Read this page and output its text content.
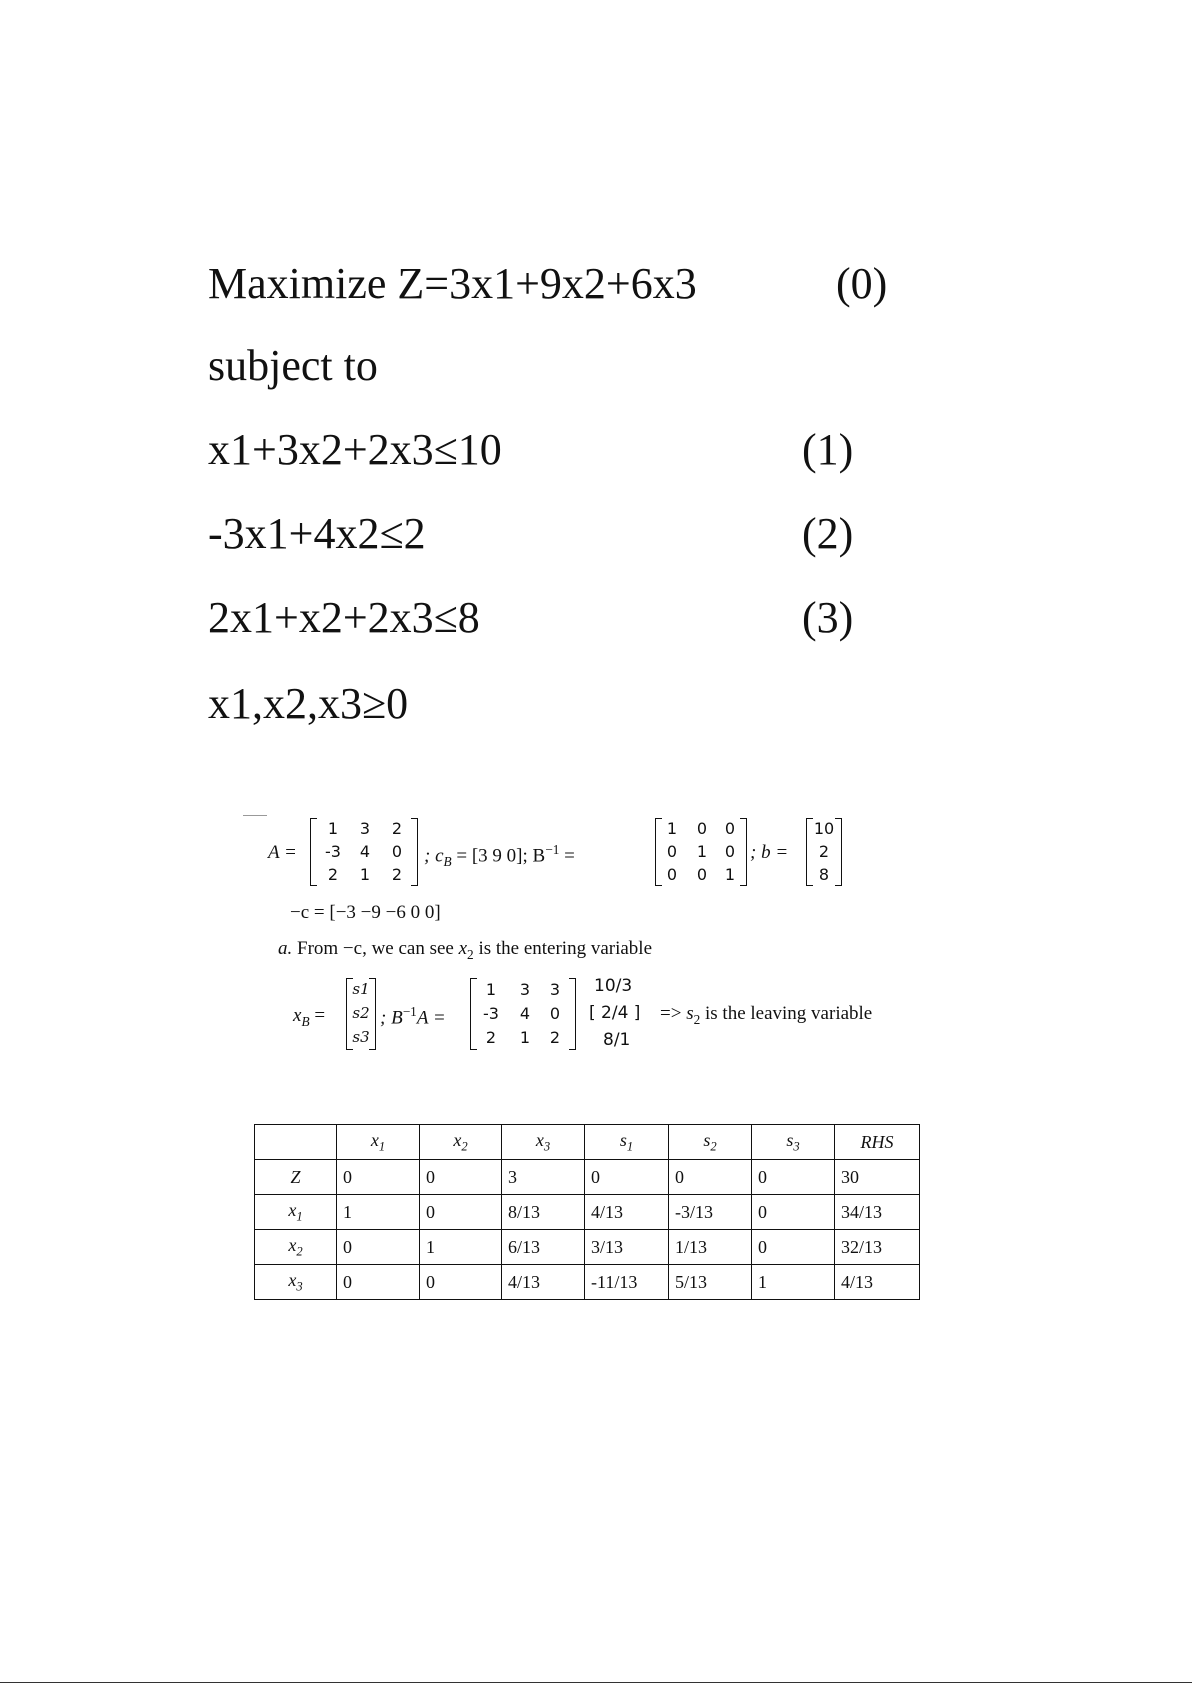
Maximize Z=3x1+9x2+6x3	(0)
subject to
x1+3x2+2x3≤10	(1)
-3x1+4x2≤2	(2)
2x1+x2+2x3≤8	(3)
x1,x2,x3≥0
A =
1	3	2
-3	4	0
2	1	2
; $c_B = [3$ 9 0]; $B^{-1}$ =
1	0	0
0	1	0
0	0	1
; b =
10
2
8
−c = [−3 −9 −6 0 0]
a. From −c, we can see $x_2$ is the entering variable
$x_B$ =
s1
s2
s3
; $B^{-1}A$ =
1	3	3
-3	4	0
2	1	2
10/3
[ 2/4 ]
8/1
=> $s_2$ is the leaving variable
	$x_1$	$x_2$	$x_3$	$s_1$	$s_2$	$s_3$	RHS
Z	0	0	3	0	0	0	30
$x_1$	1	0	8/13	4/13	-3/13	0	34/13
$x_2$	0	1	6/13	3/13	1/13	0	32/13
$x_3$	0	0	4/13	-11/13	5/13	1	4/13
